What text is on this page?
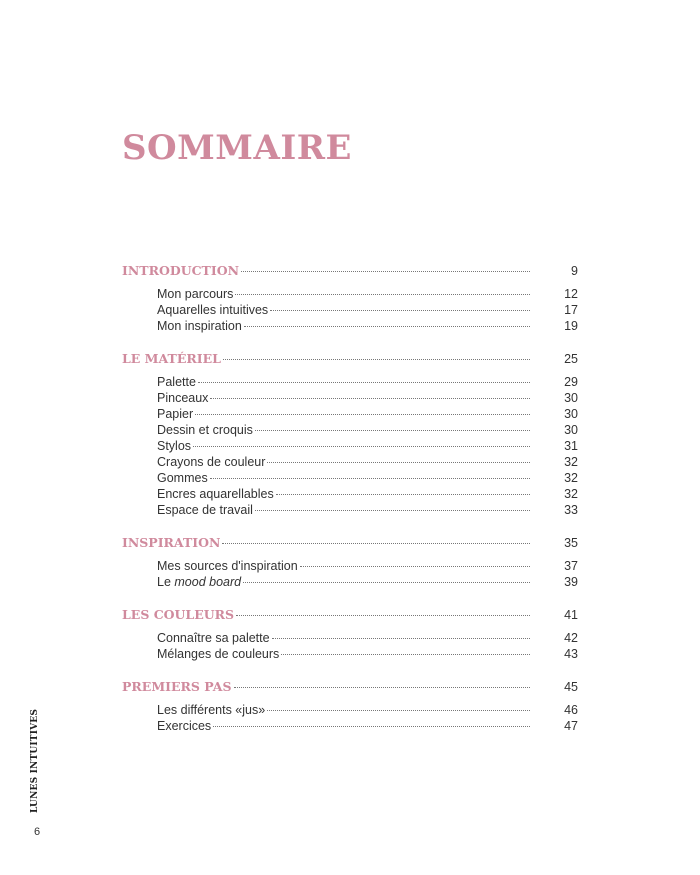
SOMMAIRE
INTRODUCTION	9
Mon parcours	12
Aquarelles intuitives	17
Mon inspiration	19
LE MATÉRIEL	25
Palette	29
Pinceaux	30
Papier	30
Dessin et croquis	30
Stylos	31
Crayons de couleur	32
Gommes	32
Encres aquarellables	32
Espace de travail	33
INSPIRATION	35
Mes sources d'inspiration	37
Le mood board	39
LES COULEURS	41
Connaître sa palette	42
Mélanges de couleurs	43
PREMIERS PAS	45
Les différents «jus»	46
Exercices	47
LUNES INTUITIVES
6
